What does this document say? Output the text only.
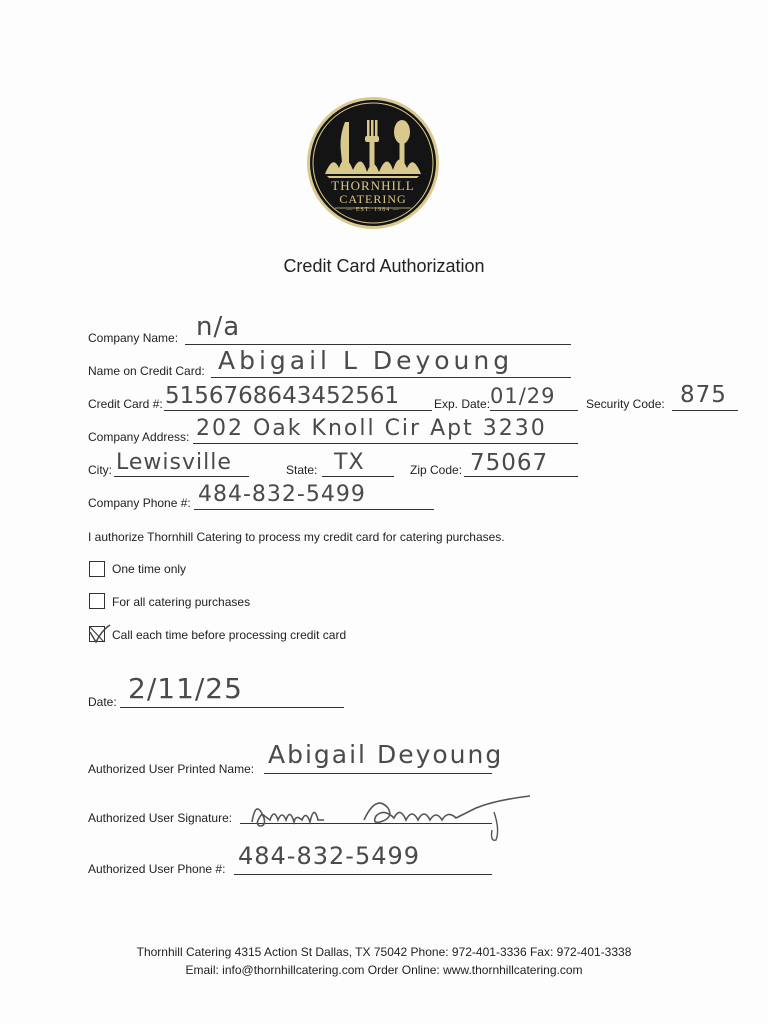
THORNHILL
CATERING
— EST. 1984 —
Credit Card Authorization
Company Name: n/a
Name on Credit Card: Abigail L Deyoung
Credit Card #: 5156768643452561	Exp. Date: 01/29	Security Code: 875
Company Address: 202 Oak Knoll Cir Apt 3230
City: Lewisville	State: TX	Zip Code: 75067
Company Phone #: 484-832-5499
I authorize Thornhill Catering to process my credit card for catering purchases.
One time only
For all catering purchases
Call each time before processing credit card
Date: 2/11/25
Authorized User Printed Name: Abigail Deyoung
Authorized User Signature:
Authorized User Phone #: 484-832-5499
Thornhill Catering 4315 Action St Dallas, TX 75042 Phone: 972-401-3336 Fax: 972-401-3338
Email: info@thornhillcatering.com Order Online: www.thornhillcatering.com
